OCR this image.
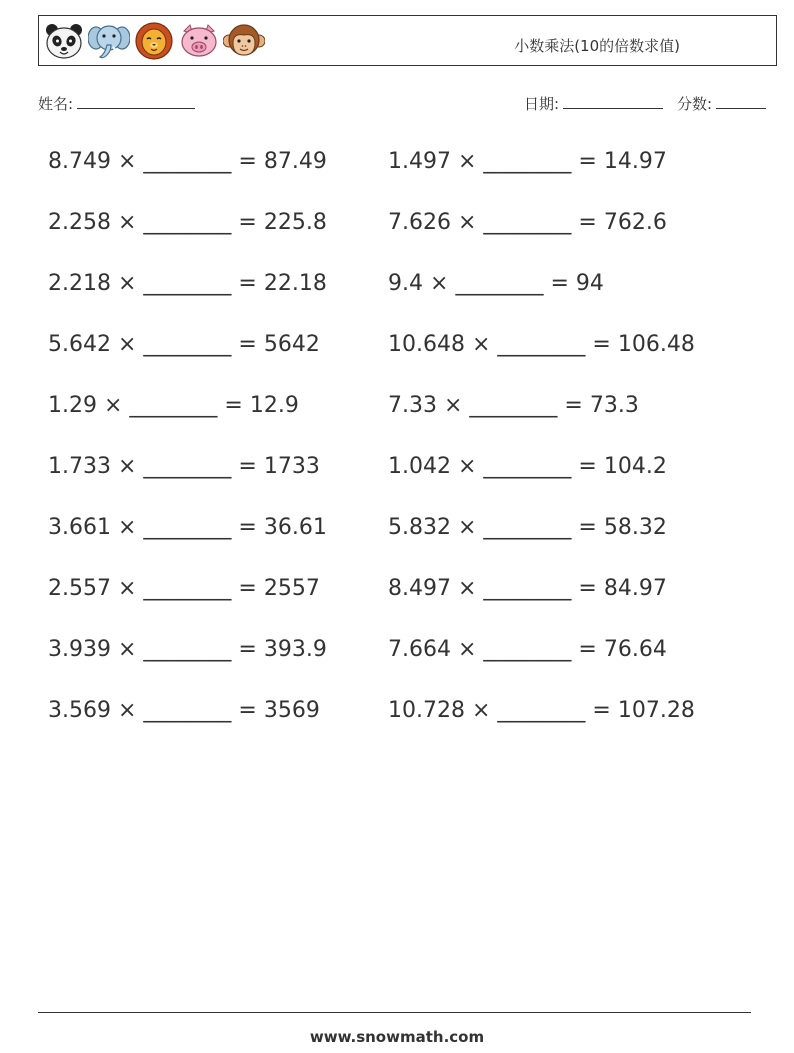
小数乘法(10的倍数求值)
姓名:	日期:	分数:
8.749 × ________ = 87.49
2.258 × ________ = 225.8
2.218 × ________ = 22.18
5.642 × ________ = 5642
1.29 × ________ = 12.9
1.733 × ________ = 1733
3.661 × ________ = 36.61
2.557 × ________ = 2557
3.939 × ________ = 393.9
3.569 × ________ = 3569
1.497 × ________ = 14.97
7.626 × ________ = 762.6
9.4 × ________ = 94
10.648 × ________ = 106.48
7.33 × ________ = 73.3
1.042 × ________ = 104.2
5.832 × ________ = 58.32
8.497 × ________ = 84.97
7.664 × ________ = 76.64
10.728 × ________ = 107.28
www.snowmath.com
